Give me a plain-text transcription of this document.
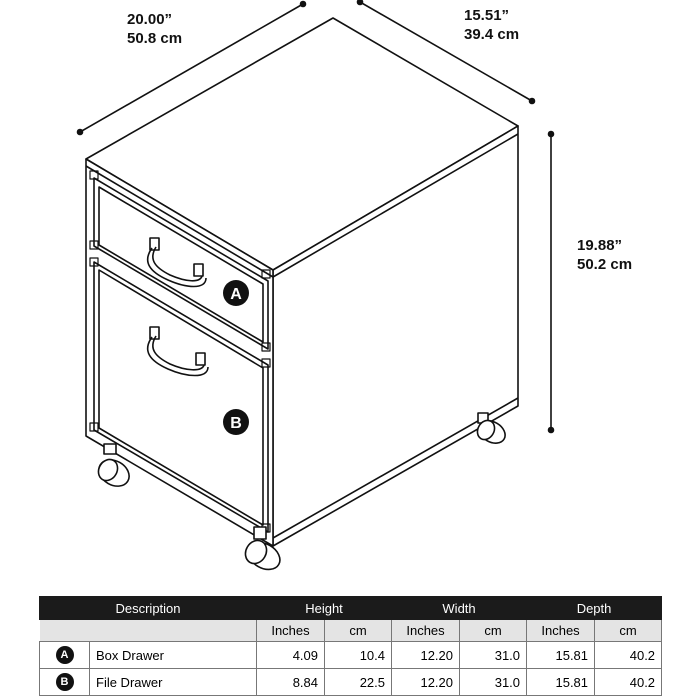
A
B
20.00”
50.8 cm
15.51”
39.4 cm
19.88”
50.2 cm
Description		Height		Width		Depth	
		Inches	cm	Inches	cm	Inches	cm
A	Box Drawer	4.09	10.4	12.20	31.0	15.81	40.2
B	File Drawer	8.84	22.5	12.20	31.0	15.81	40.2
